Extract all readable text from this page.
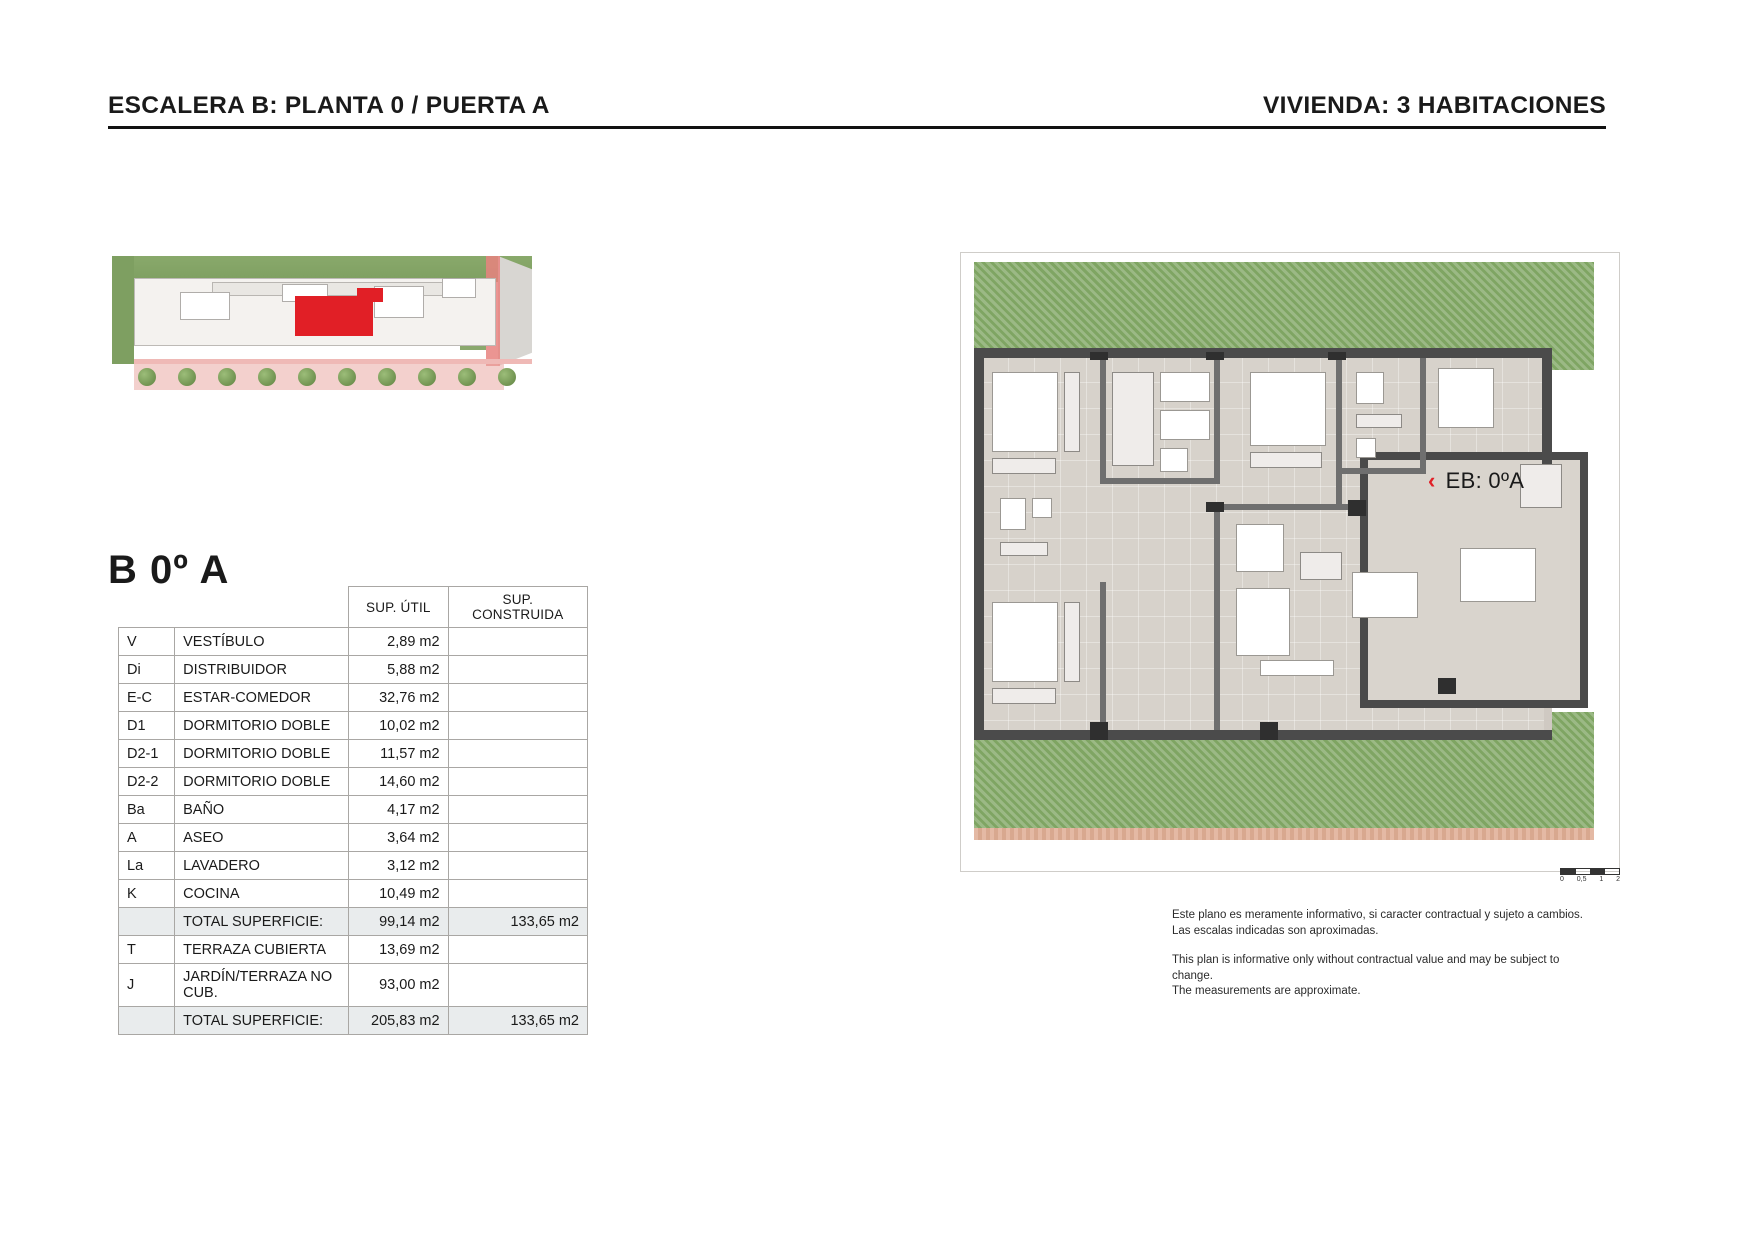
ESCALERA B: PLANTA 0 / PUERTA A	VIVIENDA: 3 HABITACIONES
B 0º A
		SUP. ÚTIL	SUP. CONSTRUIDA
V	VESTÍBULO	2,89 m2	
Di	DISTRIBUIDOR	5,88 m2	
E-C	ESTAR-COMEDOR	32,76 m2	
D1	DORMITORIO DOBLE	10,02 m2	
D2-1	DORMITORIO DOBLE	11,57 m2	
D2-2	DORMITORIO DOBLE	14,60 m2	
Ba	BAÑO	4,17 m2	
A	ASEO	3,64 m2	
La	LAVADERO	3,12 m2	
K	COCINA	10,49 m2	
	TOTAL SUPERFICIE:	99,14 m2	133,65 m2
T	TERRAZA CUBIERTA	13,69 m2	
J	JARDÍN/TERRAZA NO CUB.	93,00 m2	
	TOTAL SUPERFICIE:	205,83 m2	133,65 m2
‹ EB: 0ºA
0 0,5 1 2

Este plano es meramente informativo, si caracter contractual y sujeto a cambios.
Las escalas indicadas son aproximadas.

This plan is informative only without contractual value and may be subject to change.
The measurements are approximate.
